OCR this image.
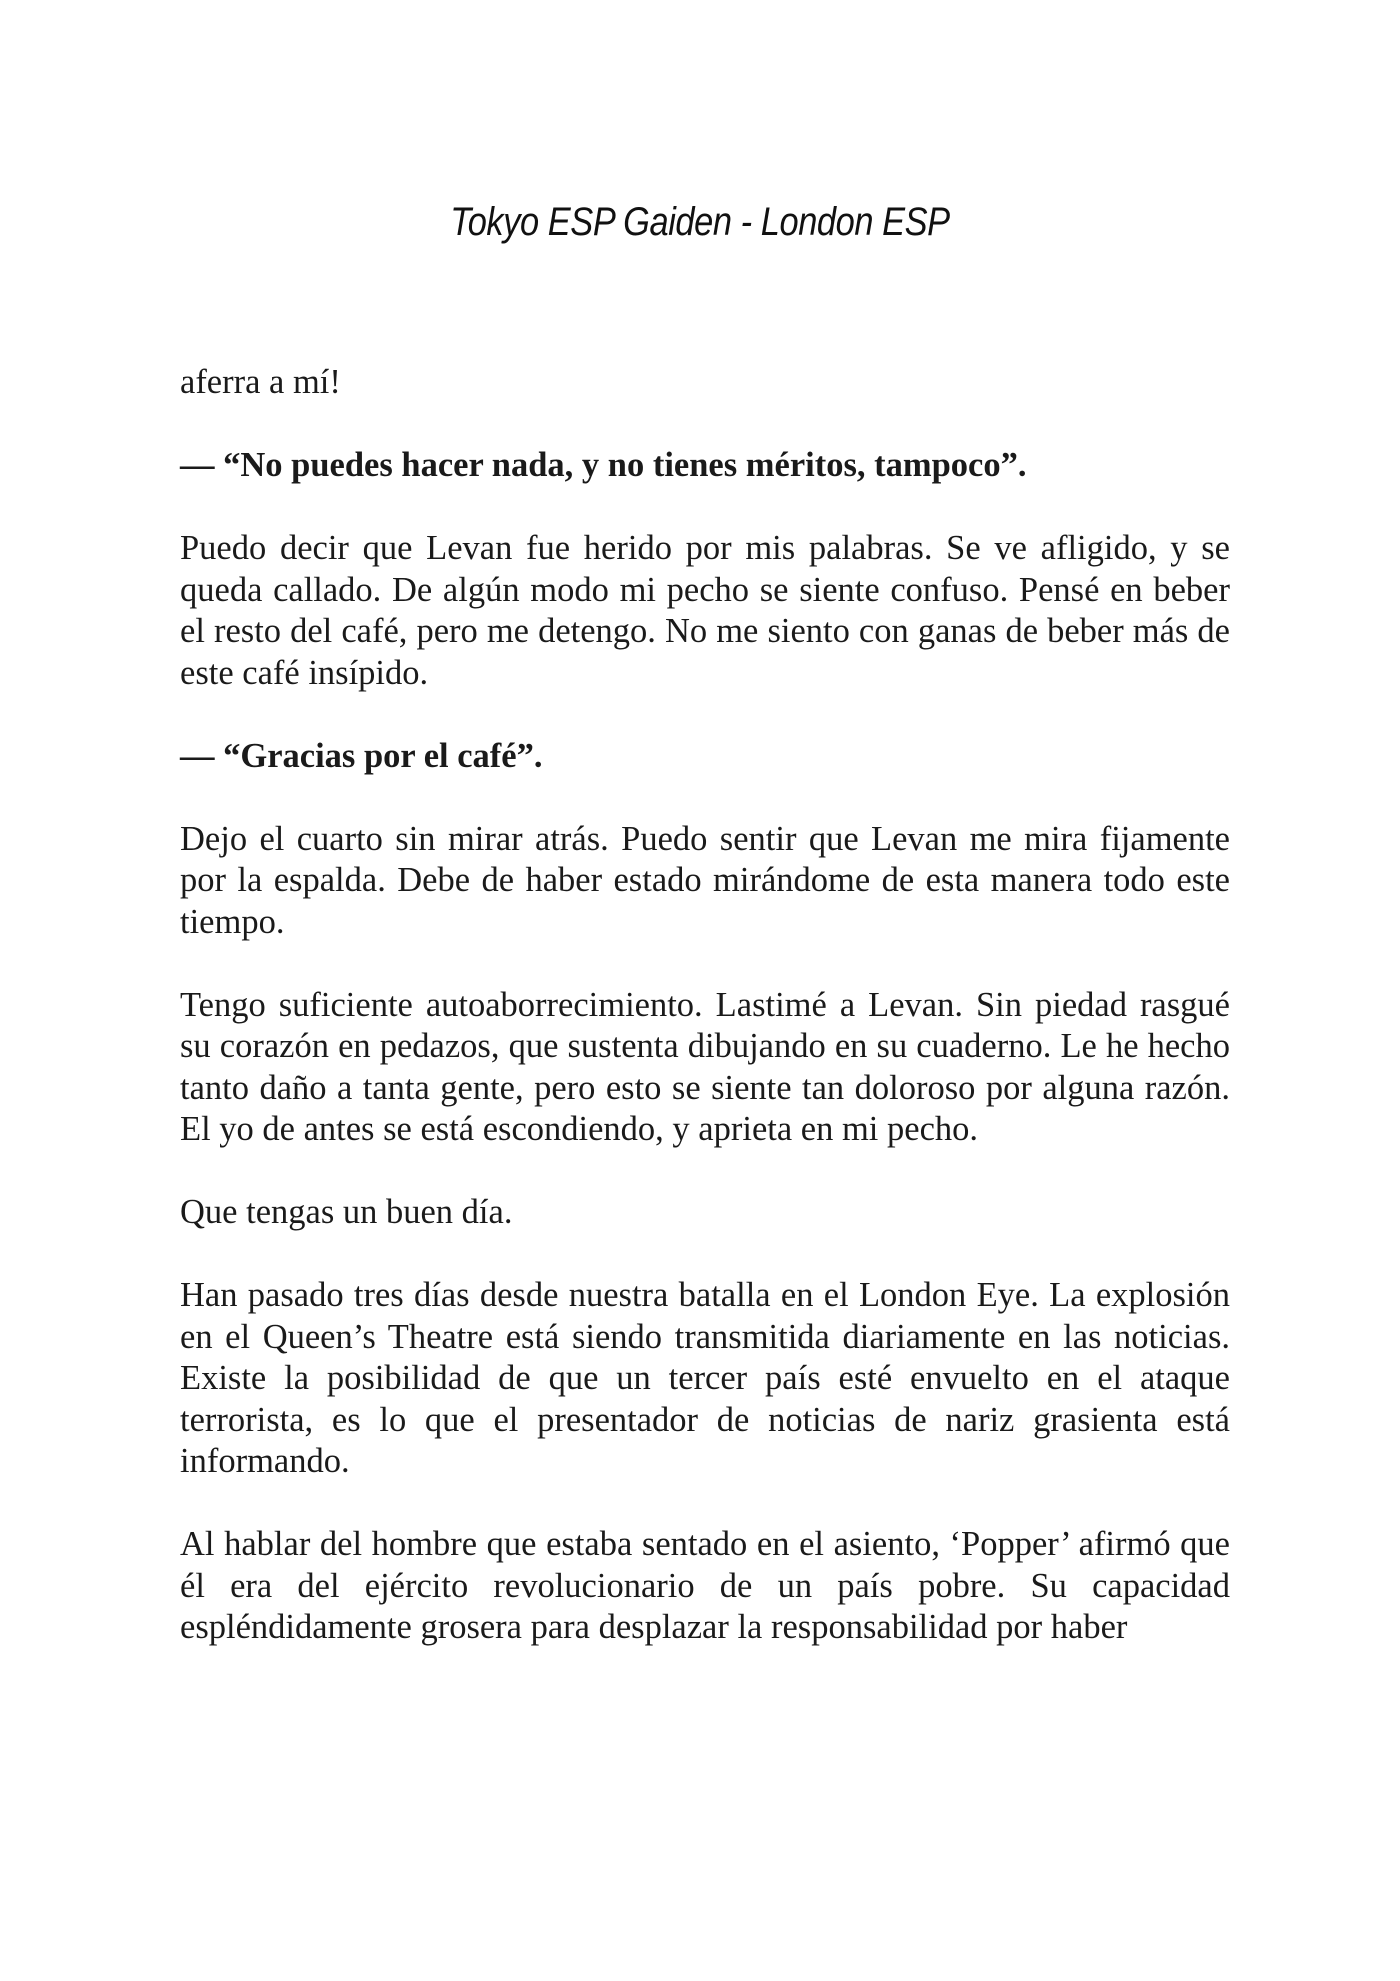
Tokyo ESP Gaiden - London ESP

aferra a mí!

— “No puedes hacer nada, y no tienes méritos, tampoco”.

Puedo decir que Levan fue herido por mis palabras. Se ve afligido, y se queda callado. De algún modo mi pecho se siente confuso. Pensé en beber el resto del café, pero me detengo. No me siento con ganas de beber más de este café insípido.

— “Gracias por el café”.

Dejo el cuarto sin mirar atrás. Puedo sentir que Levan me mira fijamente por la espalda. Debe de haber estado mirándome de esta manera todo este tiempo.

Tengo suficiente autoaborrecimiento. Lastimé a Levan. Sin piedad rasgué su corazón en pedazos, que sustenta dibujando en su cuaderno. Le he hecho tanto daño a tanta gente, pero esto se siente tan doloroso por alguna razón. El yo de antes se está escondiendo, y aprieta en mi pecho.

Que tengas un buen día.

Han pasado tres días desde nuestra batalla en el London Eye. La explosión en el Queen’s Theatre está siendo transmitida diariamente en las noticias. Existe la posibilidad de que un tercer país esté envuelto en el ataque terrorista, es lo que el presentador de noticias de nariz grasienta está informando.

Al hablar del hombre que estaba sentado en el asiento, ‘Popper’ afirmó que él era del ejército revolucionario de un país pobre. Su capacidad espléndidamente grosera para desplazar la responsabilidad por haber
